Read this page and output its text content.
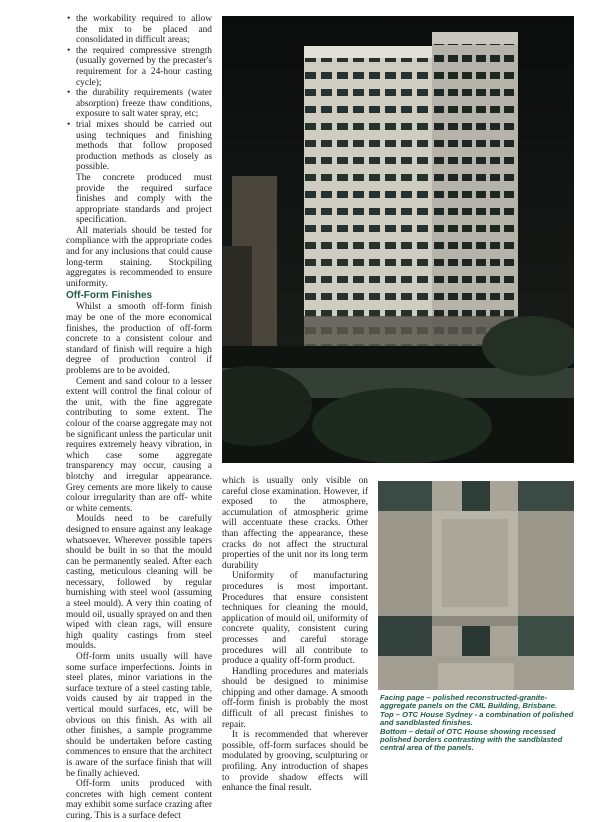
• the workability required to allow the mix to be placed and consolidated in difficult areas;
• the required compressive strength (usually governed by the precaster's requirement for a 24-hour casting cycle);
• the durability requirements (water absorption) freeze thaw conditions, exposure to salt water spray, etc;
• trial mixes should be carried out using techniques and finishing methods that follow proposed production methods as closely as possible.

The concrete produced must provide the required surface finishes and comply with the appropriate standards and project specification.

All materials should be tested for compliance with the appropriate codes and for any inclusions that could cause long-term staining. Stockpiling aggregates is recommended to ensure uniformity.

Off-Form Finishes

Whilst a smooth off-form finish may be one of the more economical finishes, the production of off-form concrete to a consistent colour and standard of finish will require a high degree of production control if problems are to be avoided.

Cement and sand colour to a lesser extent will control the final colour of the unit, with the fine aggregate contributing to some extent. The colour of the coarse aggregate may not be significant unless the particular unit requires extremely heavy vibration, in which case some aggregate transparency may occur, causing a blotchy and irregular appearance. Grey cements are more likely to cause colour irregularity than are off- white or white cements.

Moulds need to be carefully designed to ensure against any leakage whatsoever. Wherever possible tapers should be built in so that the mould can be permanently sealed. After each casting, meticulous cleaning will be necessary, followed by regular burnishing with steel wool (assuming a steel mould). A very thin coating of mould oil, usually sprayed on and then wiped with clean rags, will ensure high quality castings from steel moulds.

Off-form units usually will have some surface imperfections. Joints in steel plates, minor variations in the surface texture of a steel casting table, voids caused by air trapped in the vertical mould surfaces, etc, will be obvious on this finish. As with all other finishes, a sample programme should be undertaken before casting commences to ensure that the architect is aware of the surface finish that will be finally achieved.

Off-form units produced with concretes with high cement content may exhibit some surface crazing after curing. This is a surface defect

which is usually only visible on careful close examination. However, if exposed to the atmosphere, accumulation of atmospheric grime will accentuate these cracks. Other than affecting the appearance, these cracks do not affect the structural properties of the unit nor its long term durability

Uniformity of manufacturing procedures is most important. Procedures that ensure consistent techniques for cleaning the mould, application of mould oil, uniformity of concrete quality, consistent curing processes and careful storage procedures will all contribute to produce a quality off-form product.

Handling procedures and materials should be designed to minimise chipping and other damage. A smooth off-form finish is probably the most difficult of all precast finishes to repair.

It is recommended that wherever possible, off-form surfaces should be modulated by grooving, sculpturing or profiling. Any introduction of shapes to provide shadow effects will enhance the final result.

Facing page – polished reconstructed-granite-aggregate panels on the CML Building, Brisbane.
Top – OTC House Sydney - a combination of polished and sandblasted finishes.
Bottom – detail of OTC House showing recessed polished borders contrasting with the sandblasted central area of the panels.
